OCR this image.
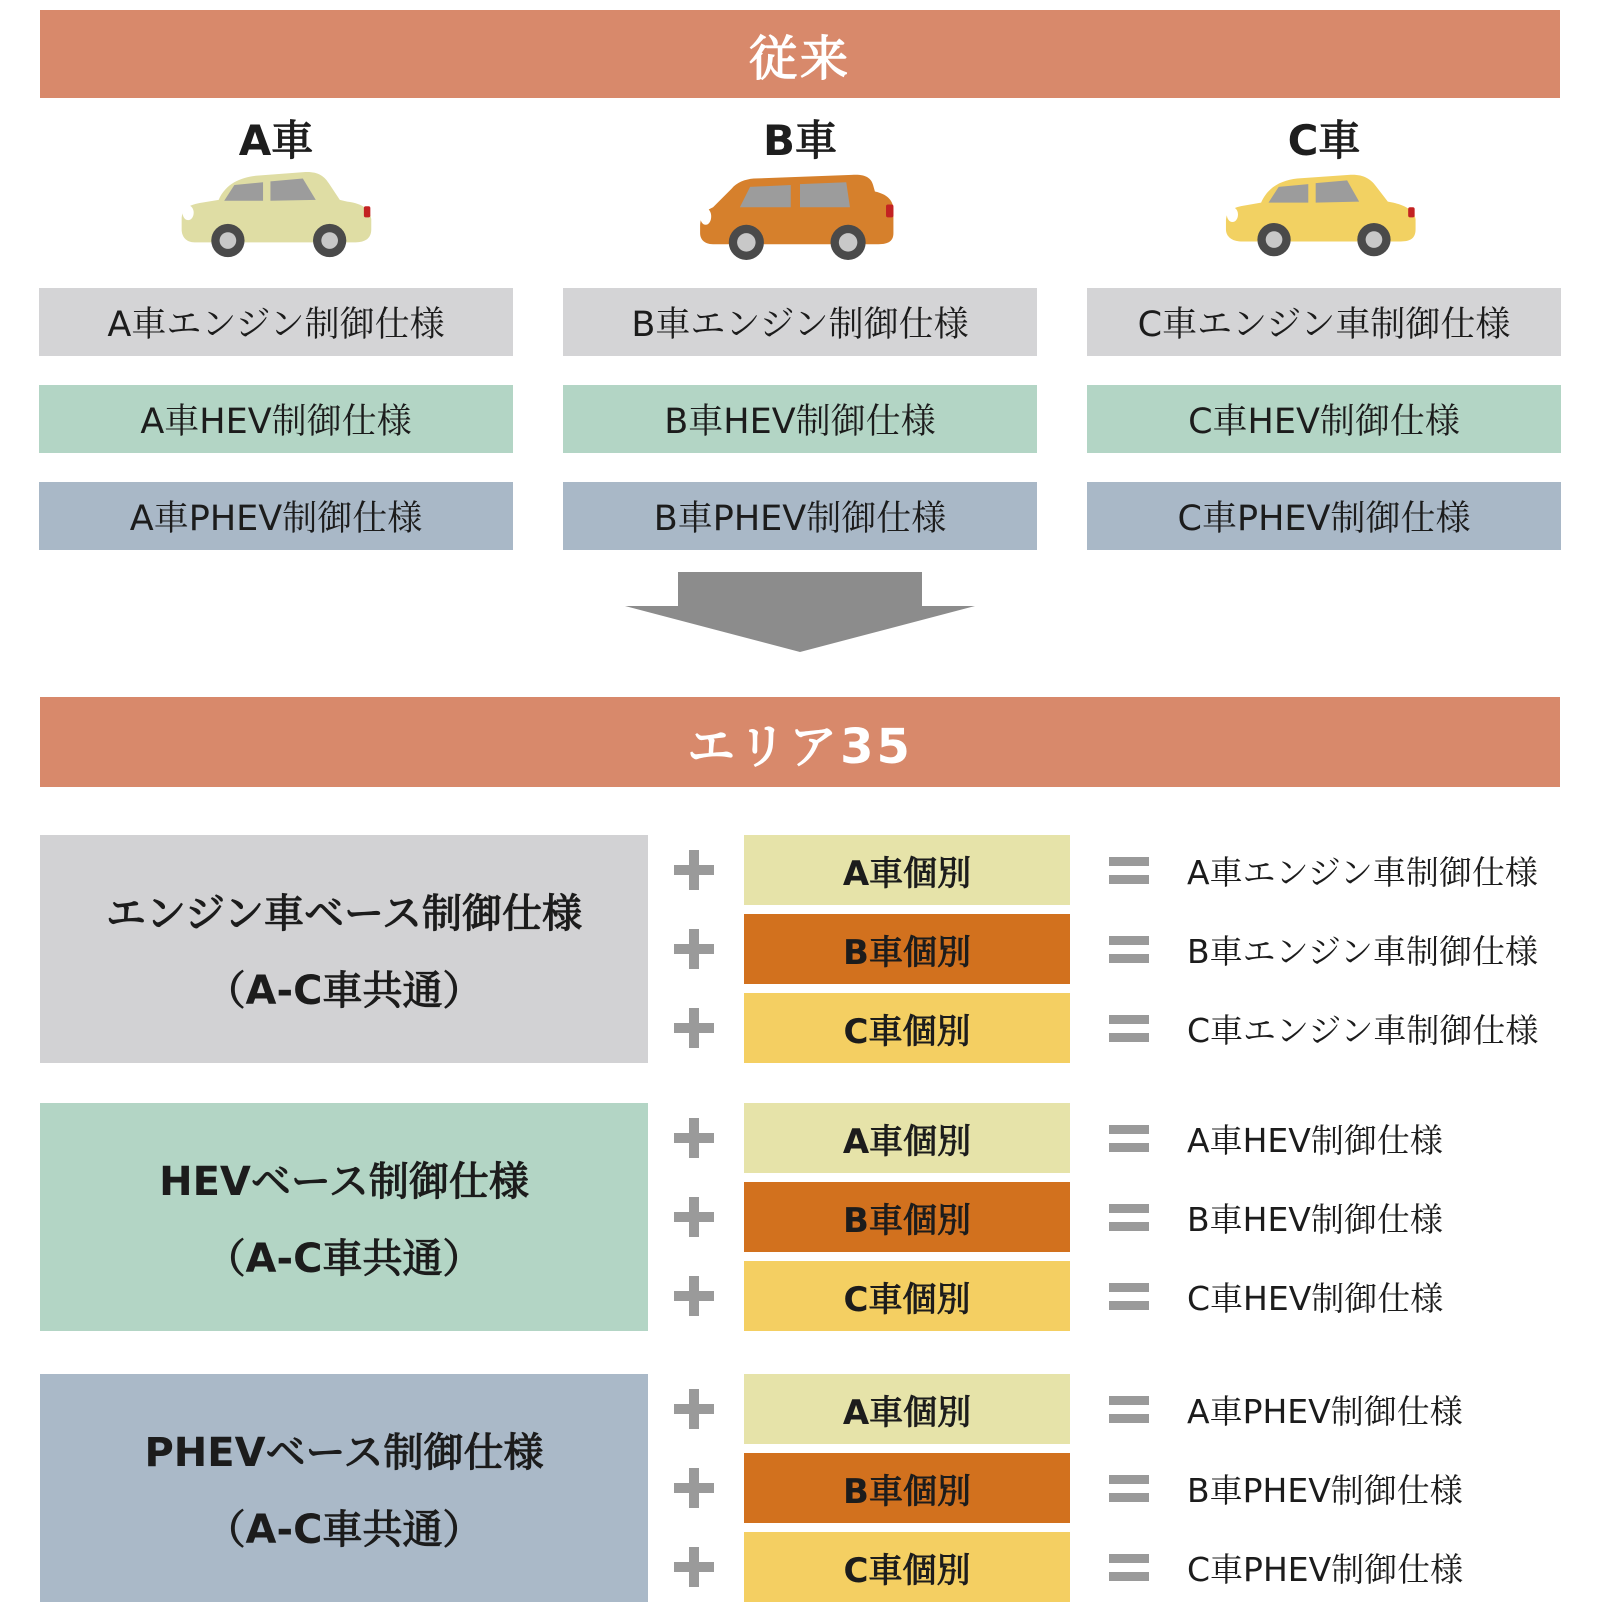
従来
A車
A車エンジン制御仕様
A車HEV制御仕様
A車PHEV制御仕様
B車
B車エンジン制御仕様
B車HEV制御仕様
B車PHEV制御仕様
C車
C車エンジン車制御仕様
C車HEV制御仕様
C車PHEV制御仕様
エリア35
エンジン車ベース制御仕様
（A-C車共通）
A車個別	A車エンジン車制御仕様
B車個別	B車エンジン車制御仕様
C車個別	C車エンジン車制御仕様
HEVベース制御仕様
（A-C車共通）
A車個別	A車HEV制御仕様
B車個別	B車HEV制御仕様
C車個別	C車HEV制御仕様
PHEVベース制御仕様
（A-C車共通）
A車個別	A車PHEV制御仕様
B車個別	B車PHEV制御仕様
C車個別	C車PHEV制御仕様
